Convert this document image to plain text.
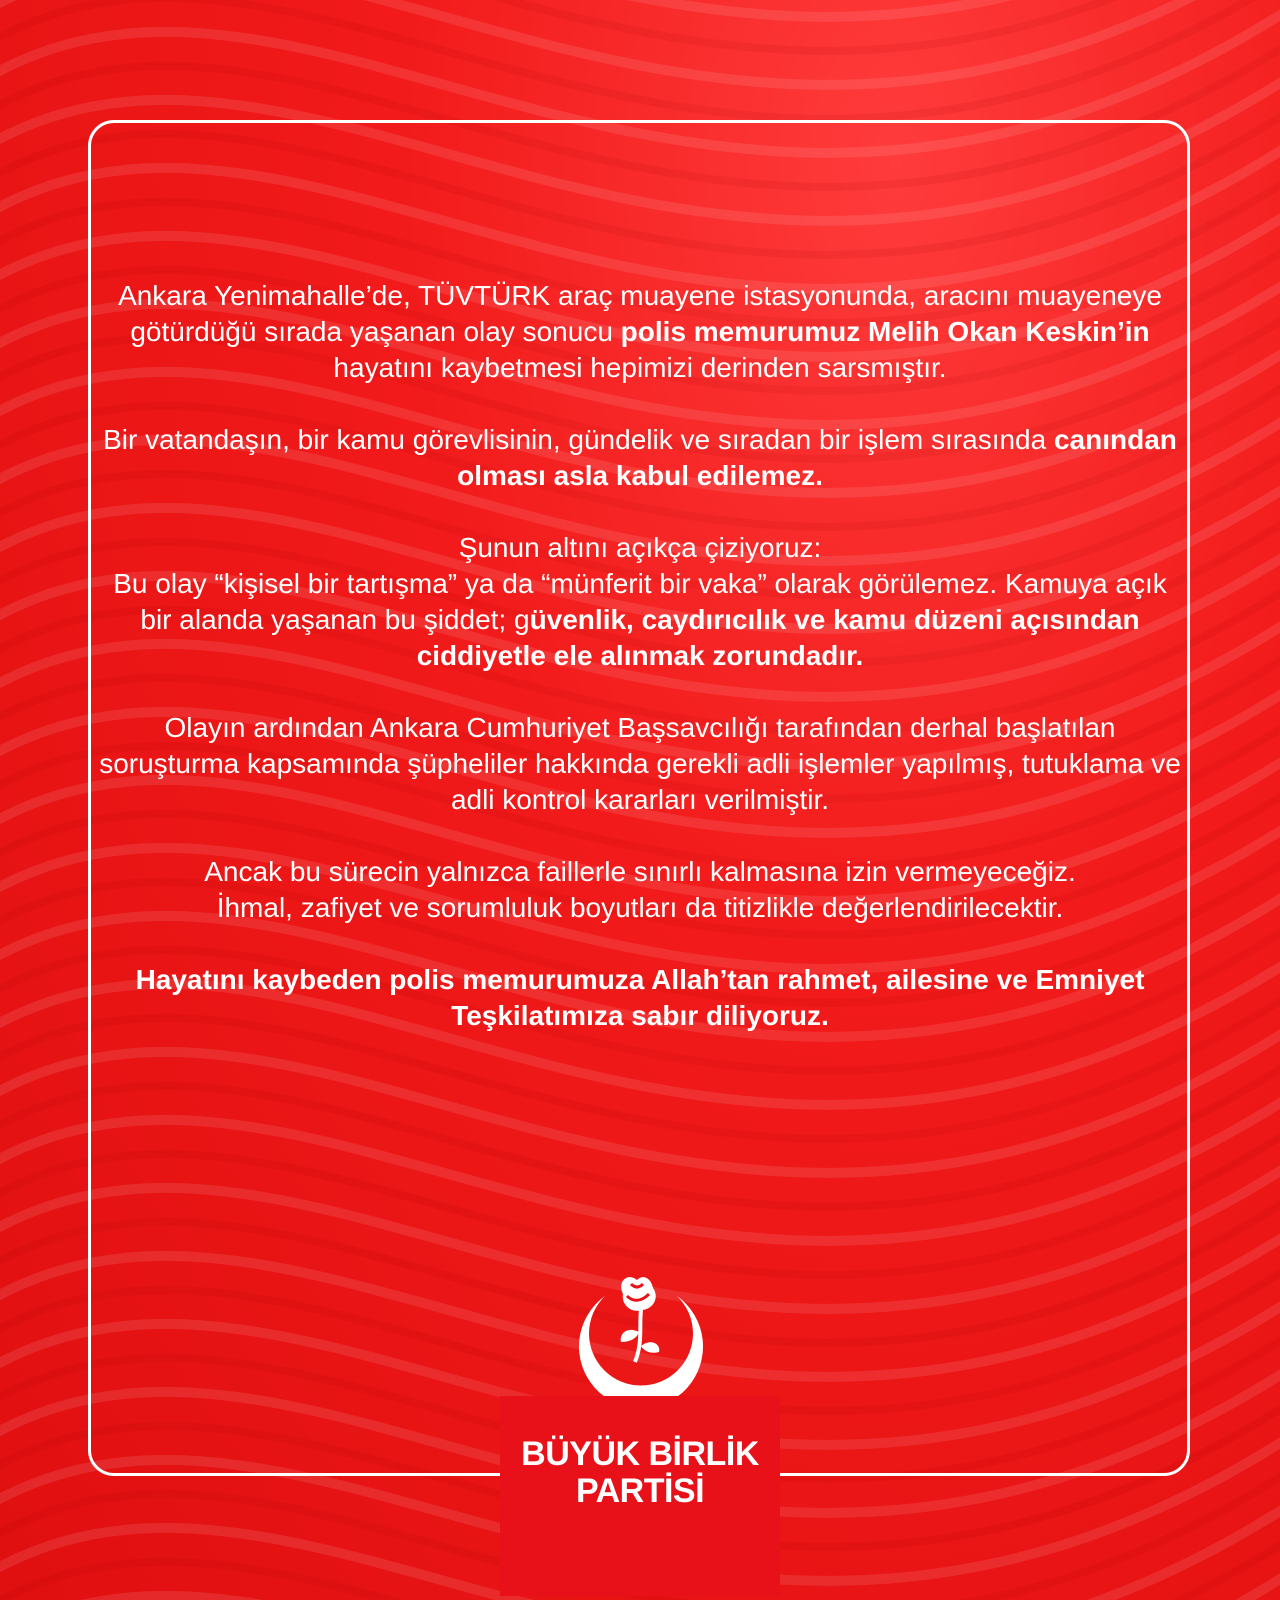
Ankara Yenimahalle’de, TÜVTÜRK araç muayene istasyonunda, aracını muayeneye götürdüğü sırada yaşanan olay sonucu polis memurumuz Melih Okan Keskin’in hayatını kaybetmesi hepimizi derinden sarsmıştır.

Bir vatandaşın, bir kamu görevlisinin, gündelik ve sıradan bir işlem sırasında canından olması asla kabul edilemez.

Şunun altını açıkça çiziyoruz:
Bu olay “kişisel bir tartışma” ya da “münferit bir vaka” olarak görülemez. Kamuya açık bir alanda yaşanan bu şiddet; güvenlik, caydırıcılık ve kamu düzeni açısından ciddiyetle ele alınmak zorundadır.

Olayın ardından Ankara Cumhuriyet Başsavcılığı tarafından derhal başlatılan soruşturma kapsamında şüpheliler hakkında gerekli adli işlemler yapılmış, tutuklama ve adli kontrol kararları verilmiştir.

Ancak bu sürecin yalnızca faillerle sınırlı kalmasına izin vermeyeceğiz.
İhmal, zafiyet ve sorumluluk boyutları da titizlikle değerlendirilecektir.

Hayatını kaybeden polis memurumuza Allah’tan rahmet, ailesine ve Emniyet Teşkilatımıza sabır diliyoruz.

BÜYÜK BİRLİK
PARTİSİ
